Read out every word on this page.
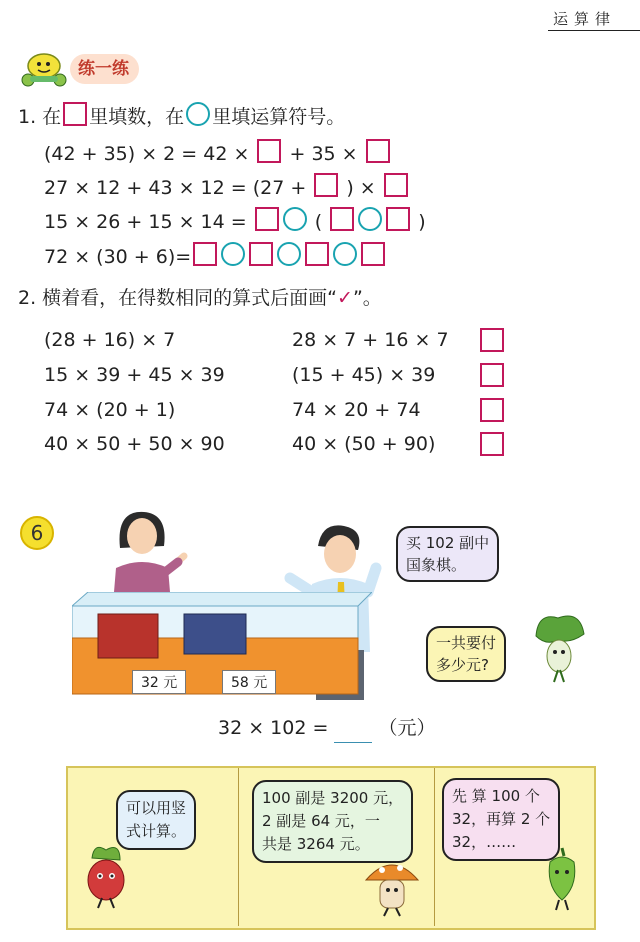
运算律
练一练
1. 在 里填数，在 里填运算符号。
(42 + 35) × 2 = 42 × + 35 ×
27 × 12 + 43 × 12 = (27 + ) ×
15 × 26 + 15 × 14 =	(	)
72 × (30 + 6)=
2. 横着看，在得数相同的算式后面画“✓”。
(28 + 16) × 7	28 × 7 + 16 × 7
15 × 39 + 45 × 39	(15 + 45) × 39
74 × (20 + 1)	74 × 20 + 74
40 × 50 + 50 × 90	40 × (50 + 90)
6
32 元	58 元
买 102 副中
国象棋。
一共要付
多少元?
32 × 102 =	（元）
可以用竖
式计算。
100 副是 3200 元，
2 副是 64 元，一
共是 3264 元。
先 算 100 个
32，再算 2 个
32，……
